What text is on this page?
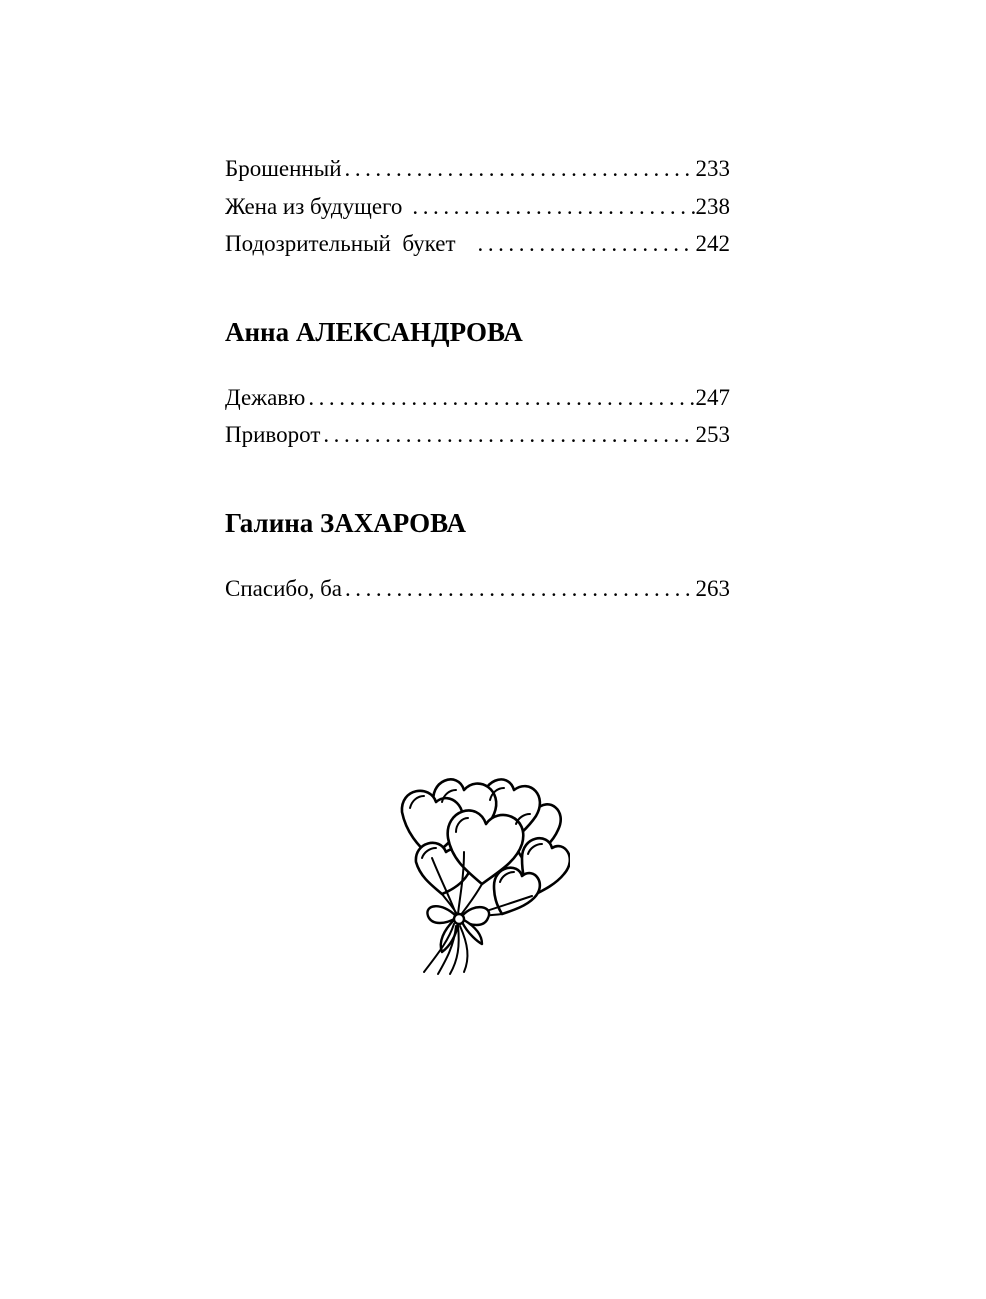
Брошенный . . .	233
Жена из будущего . . .	238
Подозрительный  букет . . .	242
Анна АЛЕКСАНДРОВА
Дежавю . . .	247
Приворот . . .	253
Галина ЗАХАРОВА
Спасибо, ба . . .	263
